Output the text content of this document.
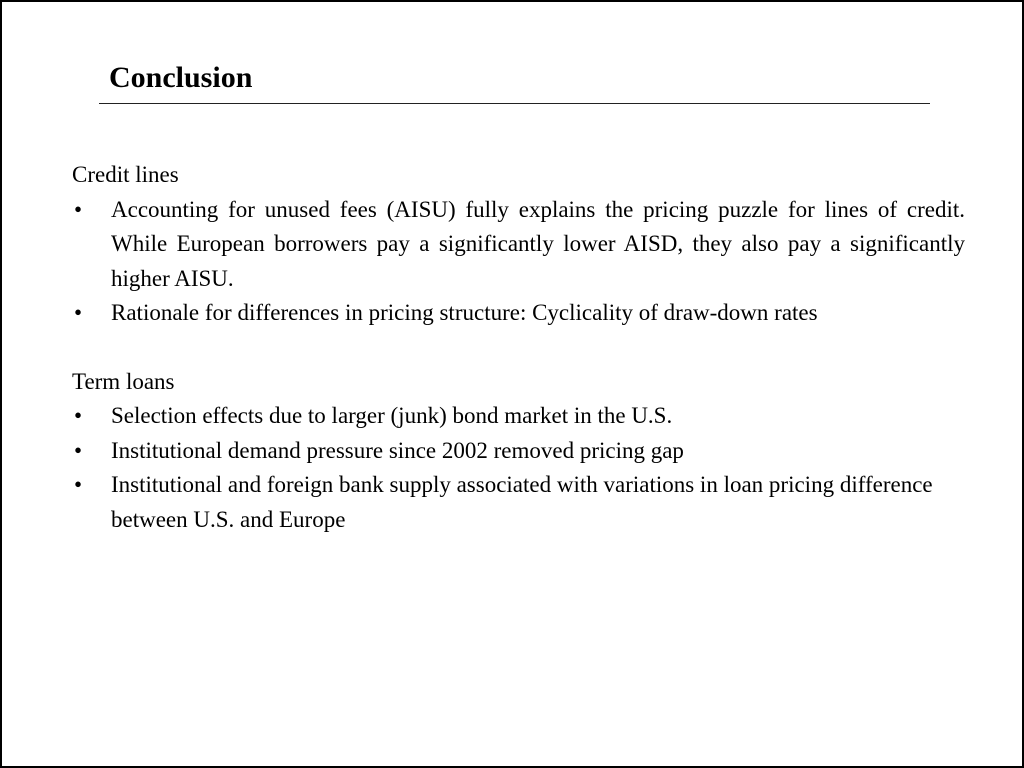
Conclusion

Credit lines

• Accounting for unused fees (AISU) fully explains the pricing puzzle for lines of credit. While European borrowers pay a significantly lower AISD, they also pay a significantly higher AISU.
• Rationale for differences in pricing structure: Cyclicality of draw-down rates

Term loans

• Selection effects due to larger (junk) bond market in the U.S.
• Institutional demand pressure since 2002 removed pricing gap
• Institutional and foreign bank supply associated with variations in loan pricing difference between U.S. and Europe
